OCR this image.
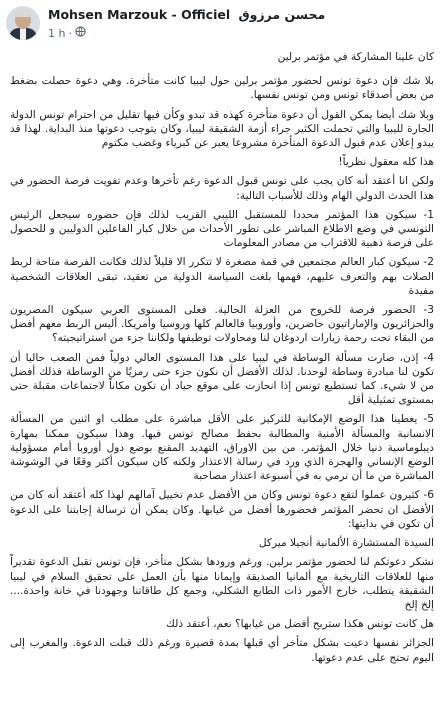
Mohsen Marzouk - Officiel محسن مرزوق
1 h ·

كان علينا المشاركة في مؤتمر برلين

بلا شك فإن دعوة تونس لحضور مؤتمر برلين حول ليبيا كانت متأخرة. وهي دعوة حصلت بضغط من بعض أصدقاء تونس ومن تونس نفسها.

وبلا شك أيضا يمكن القول أن دعوة متأخرة كهذه قد تبدو وكأن فيها تقليل من احترام تونس الدولة الجارة لليبيا والتي تحملت الكثير جراء أزمة الشقيقة ليبيا، وكان يتوجب دعوتها منذ البداية. لهذا قد يبدو إعلان عدم قبول الدعوة المتأخرة مشروعا يعبر عن كبرياء وغضب مكتوم

هذا كله معقول نظرياً!

ولكن انا أعتقد أنه كان يجب على تونس قبول الدعوة رغم تأخرها وعدم تفويت فرصة الحضور في هذا الحدث الدولي الهام وذلك للأسباب التالية:

1- سيكون هذا المؤتمر محددا للمستقبل الليبي القريب لذلك فإن حضوره سيجعل الرئيس التونسي في وضع الاطلاع المباشر على تطور الأحداث من خلال كبار الفاعلين الدوليين و للحصول على فرصة ذهبية للاقتراب من مصادر المعلومات

2- سيكون كبار العالم مجتمعين في قمة مصغرة لا تتكرر الا قليلاً لذلك فكانت الفرصة متاحة لربط الصلات بهم والتعرف عليهم، فهمها بلغت السياسة الدولية من تعقيد، تبقى العلاقات الشخصية مفيدة

3- الحضور فرصة للخروج من العزلة الحالية. فعلى المستوى العربي سيكون المصريون والجزائريون والإماراتيون حاضرين، وأوروبيا فالعالم كلها وروسيا وأمريكا. أليس الربط معهم أفضل من البقاء تحت رحمة زيارات اردوغان لنا ومحاولات توظيفها ولكاننا جزء من استراتيجيته؟

4- إذن، صارت مسألة الوساطة في ليبيا على هذا المستوى العالي دولياً فمن الصعب حاليا أن تكون لنا مبادرة وساطة لوحدنا. لذلك الأفضل أن نكون جزء حتى رمزيًا من الوساطة فذلك أفضل من لا شيء. كما تستطيع تونس إذا انحازت على موقع حياد أن تكون مكاناً لاجتماعات مقبلة حتى بمستوى تمثيلية أقل

5- يعطينا هذا الوضع الإمكانية للتركيز على الأقل مباشرة على مطلب او اثنين من المسألة الانسانية والمسألة الأمنية والمطالبة بحفظ مصالح تونس فيها. وهذا سيكون ممكنا بمهارة ديبلوماسية دنيا خلال المؤتمر. من بين الاوراق، التهديد المقنع بوضع دول أوروبا أمام مسؤولية الوضع الإنساني والهجرة الذي ورد في رسالة الاعتذار ولكنه كان سيكون أكثر وقعًا في الوشوشة المباشرة من ما أن نرمي به في أسبوعة اعتذار مصاحبة

6- كثيرون عملوا لتقع دعوة تونس وكان من الأفضل عدم تخييل آمالهم لهذا كله أعتقد أنه كان من الأفضل ان تحضر المؤتمر فحضورها أفضل من غيابها. وكان يمكن أن ترسالة إجابتنا على الدعوة أن تكون في بدايتها:

السيدة المستشارة الألمانية أنجيلا ميركل

نشكر دعوتكم لنا لحضور مؤتمر برلين. ورغم ورودها بشكل متأخر، فإن تونس تقبل الدعوة تقديراً منها للعلاقات التاريخية مع ألمانيا الصديقة وإيمانا منها بأن العمل على تحقيق السلام في ليبيا الشقيقة يتطلب، خارج الأمور ذات الطابع الشكلي، وجمع كل طاقاتنا وجهودنا في خانة واحدة.... إلخ إلخ

هل كانت تونس هكذا ستربح أفضل من غيابها؟ نعم، أعتقد ذلك

الجزائر نفسها دعيت بشكل متأخر أي قبلها بمدة قصيرة ورغم ذلك قبلت الدعوة. والمغرب إلى اليوم تحتج على عدم دعوتها.
